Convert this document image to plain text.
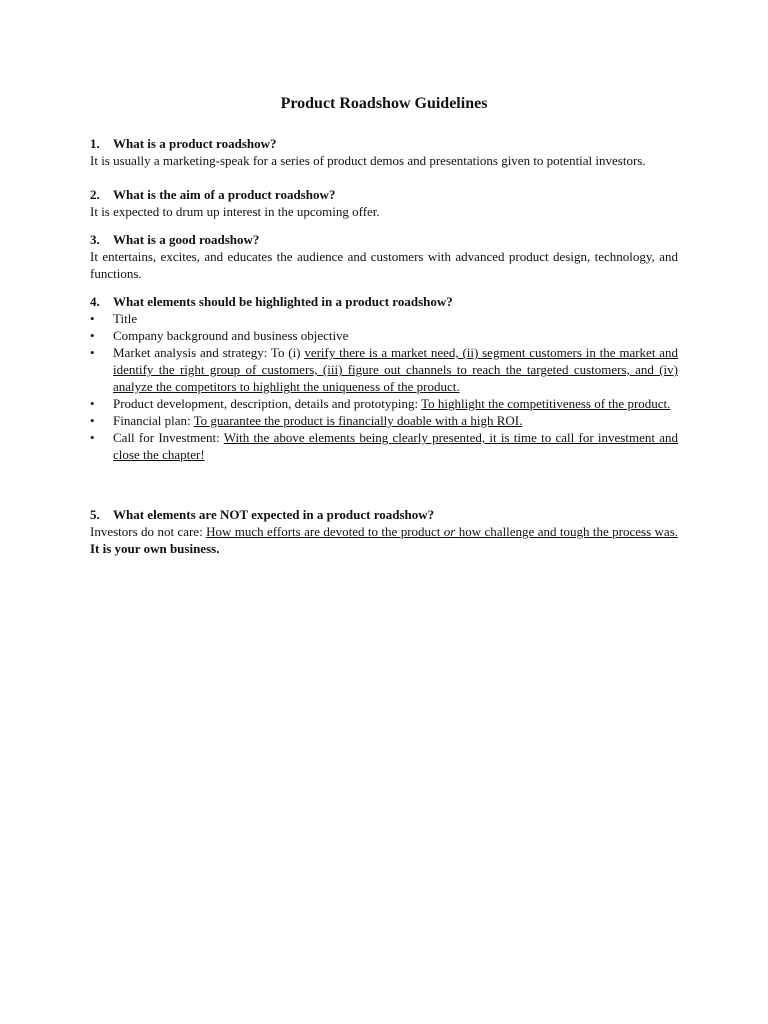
Product Roadshow Guidelines

1. What is a product roadshow?

It is usually a marketing-speak for a series of product demos and presentations given to potential investors.

2. What is the aim of a product roadshow?

It is expected to drum up interest in the upcoming offer.

3. What is a good roadshow?

It entertains, excites, and educates the audience and customers with advanced product design, technology, and functions.

4. What elements should be highlighted in a product roadshow?

•	Title
•	Company background and business objective
•	Market analysis and strategy: To (i) verify there is a market need, (ii) segment customers in the market and identify the right group of customers, (iii) figure out channels to reach the targeted customers, and (iv) analyze the competitors to highlight the uniqueness of the product.
•	Product development, description, details and prototyping: To highlight the competitiveness of the product.
•	Financial plan: To guarantee the product is financially doable with a high ROI.
•	Call for Investment: With the above elements being clearly presented, it is time to call for investment and close the chapter!

5. What elements are NOT expected in a product roadshow?

Investors do not care: How much efforts are devoted to the product or how challenge and tough the process was. It is your own business.
